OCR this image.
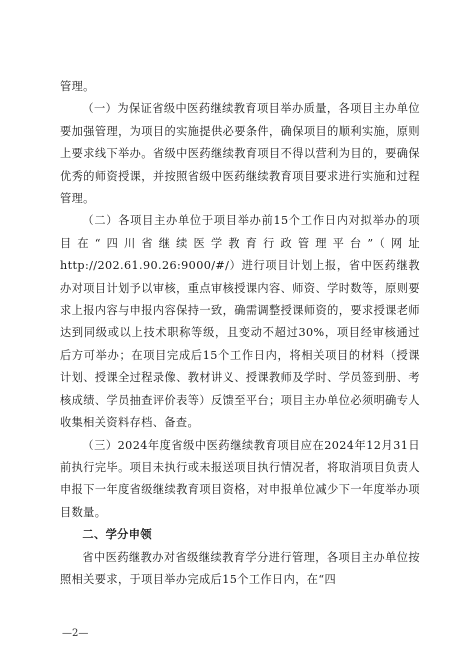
管理。

（一）为保证省级中医药继续教育项目举办质量，各项目主办单位要加强管理，为项目的实施提供必要条件，确保项目的顺利实施，原则上要求线下举办。省级中医药继续教育项目不得以营利为目的，要确保优秀的师资授课，并按照省级中医药继续教育项目要求进行实施和过程管理。

（二）各项目主办单位于项目举办前15个工作日内对拟举办的项目在“四川省继续医学教育行政管理平台”（网址http://202.61.90.26:9000/#/）进行项目计划上报，省中医药继教办对项目计划予以审核，重点审核授课内容、师资、学时数等，原则要求上报内容与申报内容保持一致，确需调整授课师资的，要求授课老师达到同级或以上技术职称等级，且变动不超过30%，项目经审核通过后方可举办；在项目完成后15个工作日内，将相关项目的材料（授课计划、授课全过程录像、教材讲义、授课教师及学时、学员签到册、考核成绩、学员抽查评价表等）反馈至平台；项目主办单位必须明确专人收集相关资料存档、备查。

（三）2024年度省级中医药继续教育项目应在2024年12月31日前执行完毕。项目未执行或未报送项目执行情况者，将取消项目负责人申报下一年度省级继续教育项目资格，对申报单位减少下一年度举办项目数量。

二、学分申领

省中医药继教办对省级继续教育学分进行管理，各项目主办单位按照相关要求，于项目举办完成后15个工作日内，在“四

—2—
